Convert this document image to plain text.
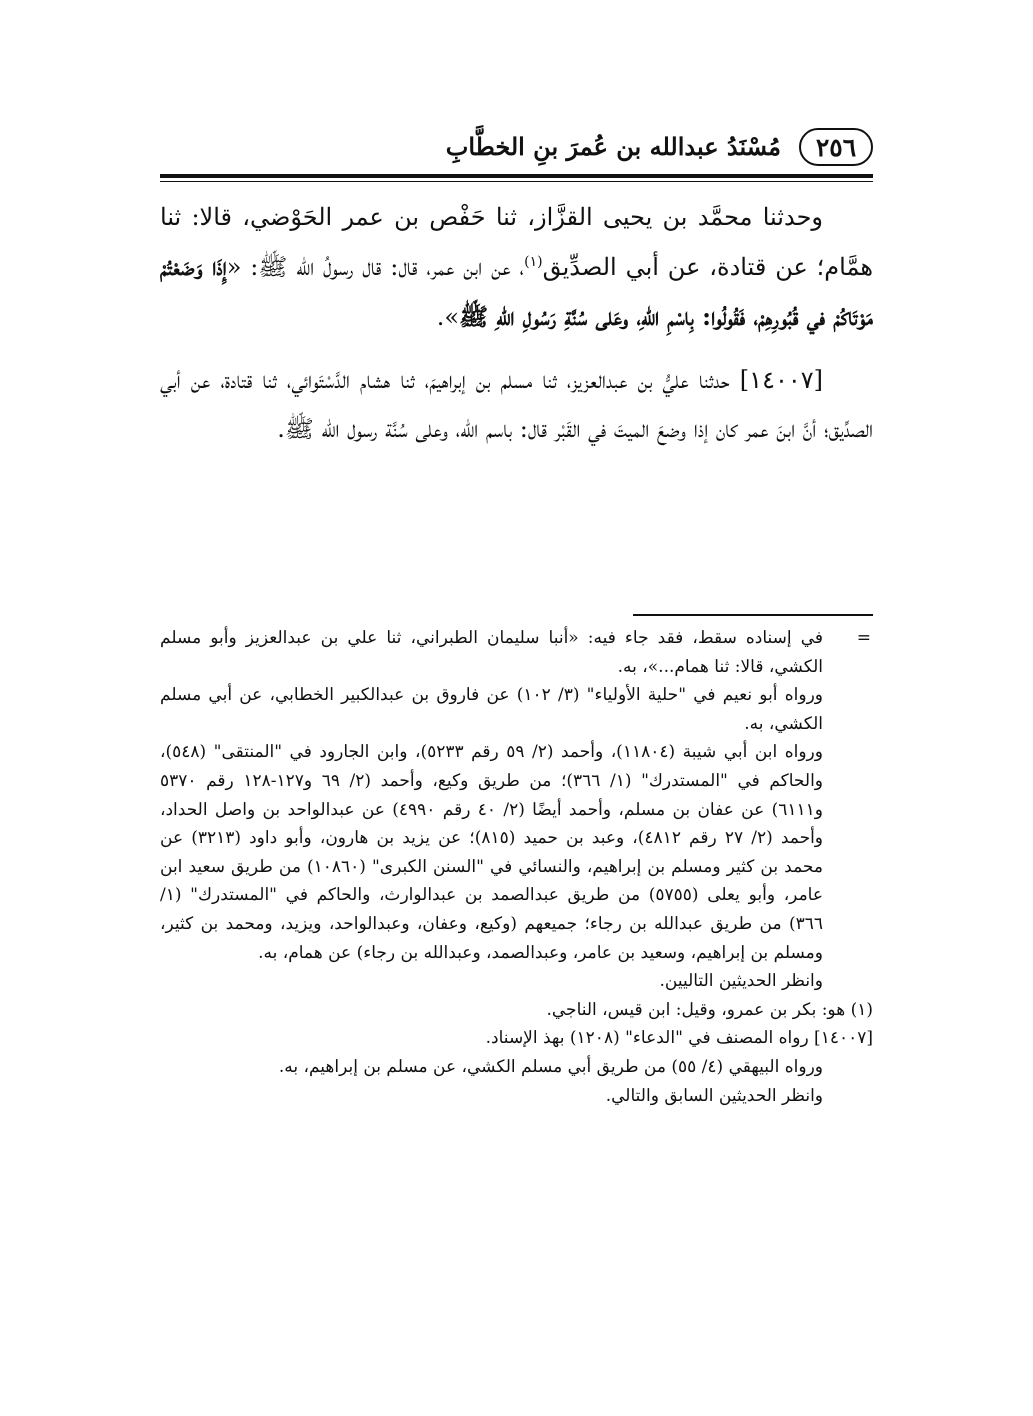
٢٥٦
مُسْنَدُ عبدالله بن عُمرَ بنِ الخطَّابِ

وحدثنا محمَّد بن يحيى القزَّاز، ثنا حَفْص بن عمر الحَوْضي، قالا: ثنا همَّام؛ عن قتادة، عن أبي الصدِّيق$^{(١)}$، عن ابن عمر، قال: قال رسولُ الله ﷺ: «إِذَا وَضَعْتُمْ مَوْتَاكُمْ في قُبُورِهِمْ، فَقُولُوا: بِاسْمِ اللهِ، وعَلى سُنَّةِ رَسُولِ اللهِ ﷺ».

[١٤٠٠٧] حدثنا عليُّ بن عبدالعزيز، ثنا مسلم بن إبراهيمَ، ثنا هشام الدَّسْتَوائي، ثنا قتادة، عن أبي الصدِّيق؛ أنَّ ابنَ عمر كان إذا وضعَ الميتَ في القَبْر قال: باسم الله، وعلى سُنَّة رسول الله ﷺ.

=

في إسناده سقط، فقد جاء فيه: «أنبا سليمان الطبراني، ثنا علي بن عبدالعزيز وأبو مسلم الكشي، قالا: ثنا همام...»، به.

ورواه أبو نعيم في "حلية الأولياء" (٣/ ١٠٢) عن فاروق بن عبدالكبير الخطابي، عن أبي مسلم الكشي، به.

ورواه ابن أبي شيبة (١١٨٠٤)، وأحمد (٢/ ٥٩ رقم ٥٢٣٣)، وابن الجارود في "المنتقى" (٥٤٨)، والحاكم في "المستدرك" (١/ ٣٦٦)؛ من طريق وكيع، وأحمد (٢/ ٦٩ و١٢٧-١٢٨ رقم ٥٣٧٠ و٦١١١) عن عفان بن مسلم، وأحمد أيضًا (٢/ ٤٠ رقم ٤٩٩٠) عن عبدالواحد بن واصل الحداد، وأحمد (٢/ ٢٧ رقم ٤٨١٢)، وعبد بن حميد (٨١٥)؛ عن يزيد بن هارون، وأبو داود (٣٢١٣) عن محمد بن كثير ومسلم بن إبراهيم، والنسائي في "السنن الكبرى" (١٠٨٦٠) من طريق سعيد ابن عامر، وأبو يعلى (٥٧٥٥) من طريق عبدالصمد بن عبدالوارث، والحاكم في "المستدرك" (١/ ٣٦٦) من طريق عبدالله بن رجاء؛ جميعهم (وكيع، وعفان، وعبدالواحد، ويزيد، ومحمد بن كثير، ومسلم بن إبراهيم، وسعيد بن عامر، وعبدالصمد، وعبدالله بن رجاء) عن همام، به.

وانظر الحديثين التاليين.

(١) هو: بكر بن عمرو، وقيل: ابن قيس، الناجي.

[١٤٠٠٧] رواه المصنف في "الدعاء" (١٢٠٨) بهذ الإسناد.

ورواه البيهقي (٤/ ٥٥) من طريق أبي مسلم الكشي، عن مسلم بن إبراهيم، به.

وانظر الحديثين السابق والتالي.
